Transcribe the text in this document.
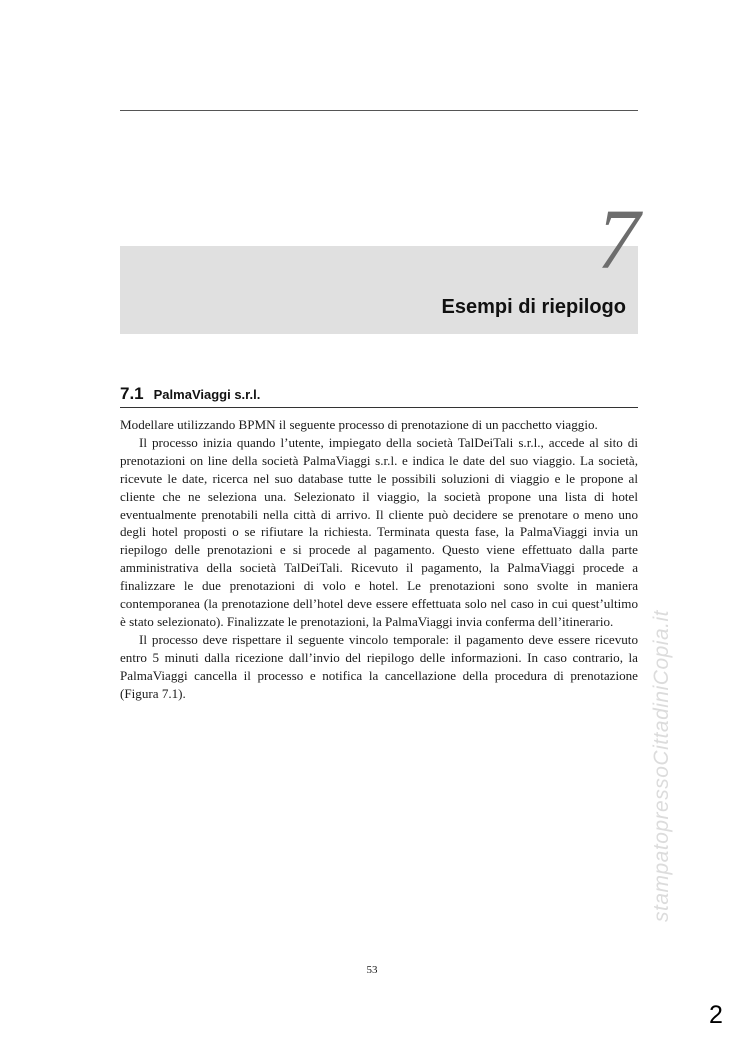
7
Esempi di riepilogo
7.1 PalmaViaggi s.r.l.

Modellare utilizzando BPMN il seguente processo di prenotazione di un pacchetto viaggio.

Il processo inizia quando l’utente, impiegato della società TalDeiTali s.r.l., accede al sito di prenotazioni on line della società PalmaViaggi s.r.l. e indica le date del suo viaggio. La società, ricevute le date, ricerca nel suo database tutte le possibili soluzioni di viaggio e le propone al cliente che ne seleziona una. Selezionato il viaggio, la società propone una lista di hotel eventualmente prenotabili nella città di arrivo. Il cliente può decidere se prenotare o meno uno degli hotel proposti o se rifiutare la richiesta. Terminata questa fase, la PalmaViaggi invia un riepilogo delle prenotazioni e si procede al pagamento. Questo viene effettuato dalla parte amministrativa della società TalDeiTali. Ricevuto il pagamento, la PalmaViaggi procede a finalizzare le due prenotazioni di volo e hotel. Le prenotazioni sono svolte in maniera contemporanea (la prenotazione dell’hotel deve essere effettuata solo nel caso in cui quest’ultimo è stato selezionato). Finalizzate le prenotazioni, la PalmaViaggi invia conferma dell’itinerario.

Il processo deve rispettare il seguente vincolo temporale: il pagamento deve essere ricevuto entro 5 minuti dalla ricezione dall’invio del riepilogo delle informazioni. In caso contrario, la PalmaViaggi cancella il processo e notifica la cancellazione della procedura di prenotazione (Figura 7.1).

53
stampatopressoCittadiniCopia.it
2
